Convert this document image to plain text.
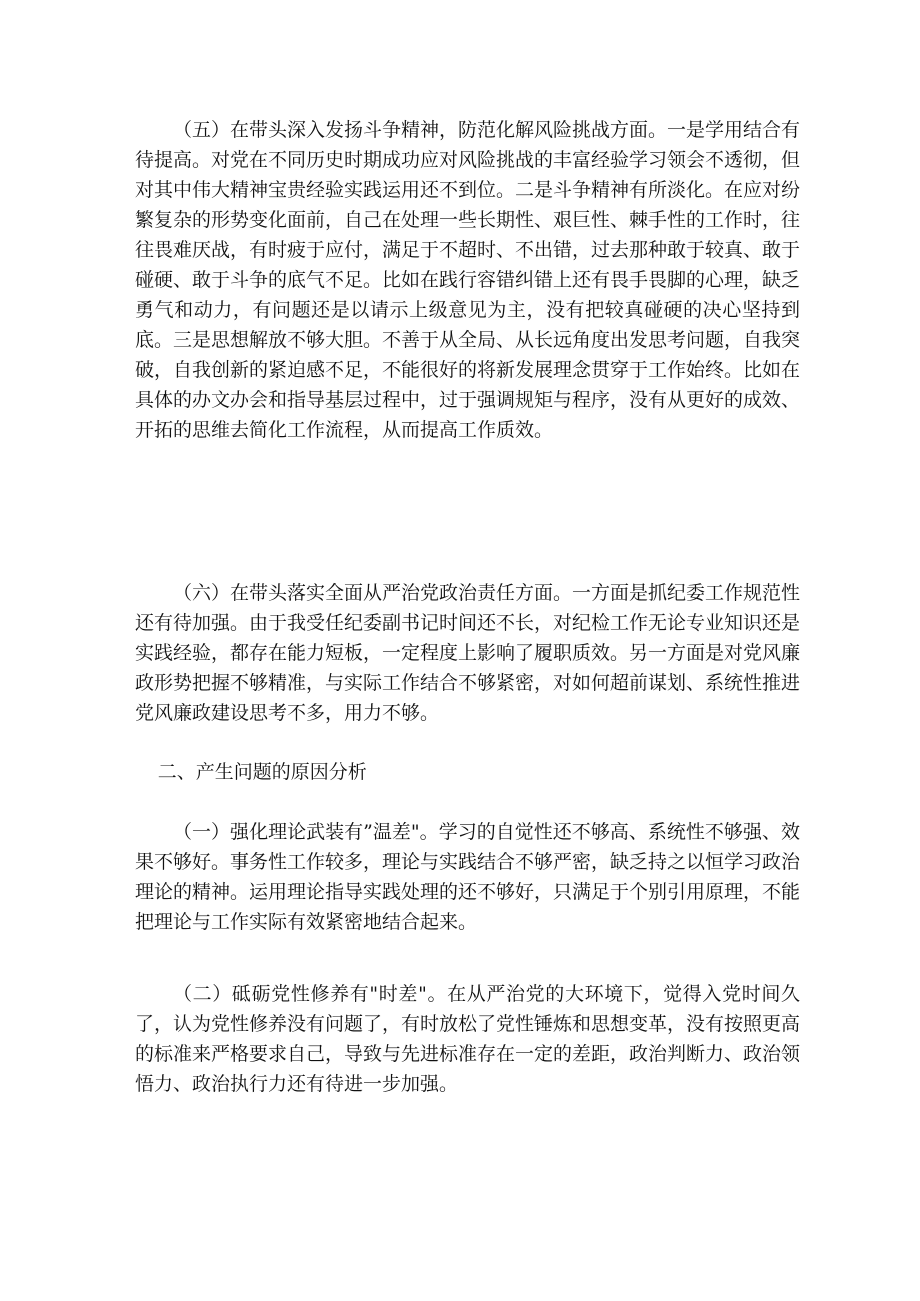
（五）在带头深入发扬斗争精神，防范化解风险挑战方面。一是学用结合有待提高。对党在不同历史时期成功应对风险挑战的丰富经验学习领会不透彻，但对其中伟大精神宝贵经验实践运用还不到位。二是斗争精神有所淡化。在应对纷繁复杂的形势变化面前，自己在处理一些长期性、艰巨性、棘手性的工作时，往往畏难厌战，有时疲于应付，满足于不超时、不出错，过去那种敢于较真、敢于碰硬、敢于斗争的底气不足。比如在践行容错纠错上还有畏手畏脚的心理，缺乏勇气和动力，有问题还是以请示上级意见为主，没有把较真碰硬的决心坚持到底。三是思想解放不够大胆。不善于从全局、从长远角度出发思考问题，自我突破，自我创新的紧迫感不足，不能很好的将新发展理念贯穿于工作始终。比如在具体的办文办会和指导基层过程中，过于强调规矩与程序，没有从更好的成效、开拓的思维去简化工作流程，从而提高工作质效。

（六）在带头落实全面从严治党政治责任方面。一方面是抓纪委工作规范性还有待加强。由于我受任纪委副书记时间还不长，对纪检工作无论专业知识还是实践经验，都存在能力短板，一定程度上影响了履职质效。另一方面是对党风廉政形势把握不够精准，与实际工作结合不够紧密，对如何超前谋划、系统性推进党风廉政建设思考不多，用力不够。

二、产生问题的原因分析

（一）强化理论武装有”温差"。学习的自觉性还不够高、系统性不够强、效果不够好。事务性工作较多，理论与实践结合不够严密，缺乏持之以恒学习政治理论的精神。运用理论指导实践处理的还不够好，只满足于个别引用原理，不能把理论与工作实际有效紧密地结合起来。

（二）砥砺党性修养有"时差"。在从严治党的大环境下，觉得入党时间久了，认为党性修养没有问题了，有时放松了党性锤炼和思想变革，没有按照更高的标准来严格要求自己，导致与先进标准存在一定的差距，政治判断力、政治领悟力、政治执行力还有待进一步加强。
